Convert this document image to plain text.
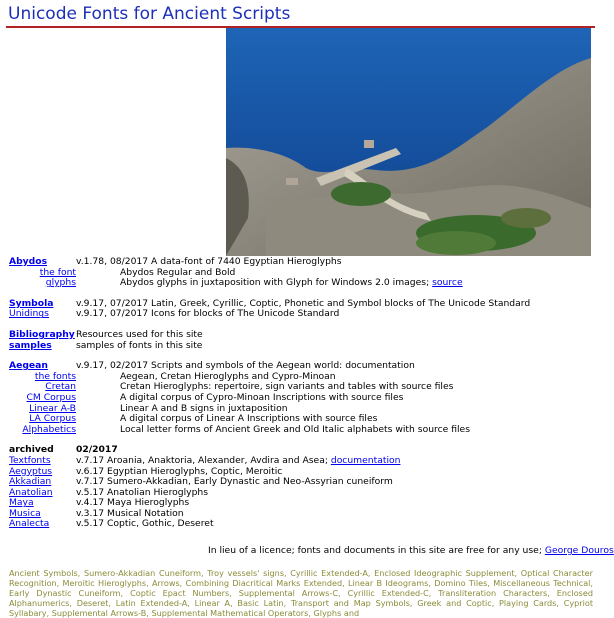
Unicode Fonts for Ancient Scripts
Abydos	v.1.78, 08/2017 A data-font of 7440 Egyptian Hieroglyphs
the font	Abydos Regular and Bold
glyphs	Abydos glyphs in juxtaposition with Glyph for Windows 2.0 images; source
Symbola	v.9.17, 07/2017 Latin, Greek, Cyrillic, Coptic, Phonetic and Symbol blocks of The Unicode Standard
Unidings	v.9.17, 07/2017 Icons for blocks of The Unicode Standard
Bibliography Resources used for this site
samples	samples of fonts in this site
Aegean	v.9.17, 02/2017 Scripts and symbols of the Aegean world: documentation
the fonts	Aegean, Cretan Hieroglyphs and Cypro-Minoan
Cretan	Cretan Hieroglyphs: repertoire, sign variants and tables with source files
CM Corpus	A digital corpus of Cypro-Minoan Inscriptions with source files
Linear A-B	Linear A and B signs in juxtaposition
LA Corpus	A digital corpus of Linear A Inscriptions with source files
Alphabetics	Local letter forms of Ancient Greek and Old Italic alphabets with source files
archived	02/2017
Textfonts	v.7.17 Aroania, Anaktoria, Alexander, Avdira and Asea; documentation
Aegyptus	v.6.17 Egyptian Hieroglyphs, Coptic, Meroitic
Akkadian	v.7.17 Sumero-Akkadian, Early Dynastic and Neo-Assyrian cuneiform
Anatolian	v.5.17 Anatolian Hieroglyphs
Maya	v.4.17 Maya Hieroglyphs
Musica	v.3.17 Musical Notation
Analecta	v.5.17 Coptic, Gothic, Deseret
In lieu of a licence; fonts and documents in this site are free for any use; George Douros
Ancient Symbols, Sumero-Akkadian Cuneiform, Troy vessels' signs, Cyrillic Extended-A, Enclosed Ideographic Supplement, Optical Character Recognition, Meroitic Hieroglyphs, Arrows, Combining Diacritical Marks Extended, Linear B Ideograms, Domino Tiles, Miscellaneous Technical, Early Dynastic Cuneiform, Coptic Epact Numbers, Supplemental Arrows-C, Cyrillic Extended-C, Transliteration Characters, Enclosed Alphanumerics, Deseret, Latin Extended-A, Linear A, Basic Latin, Transport and Map Symbols, Greek and Coptic, Playing Cards, Cypriot Syllabary, Supplemental Arrows-B, Supplemental Mathematical Operators, Glyphs and
